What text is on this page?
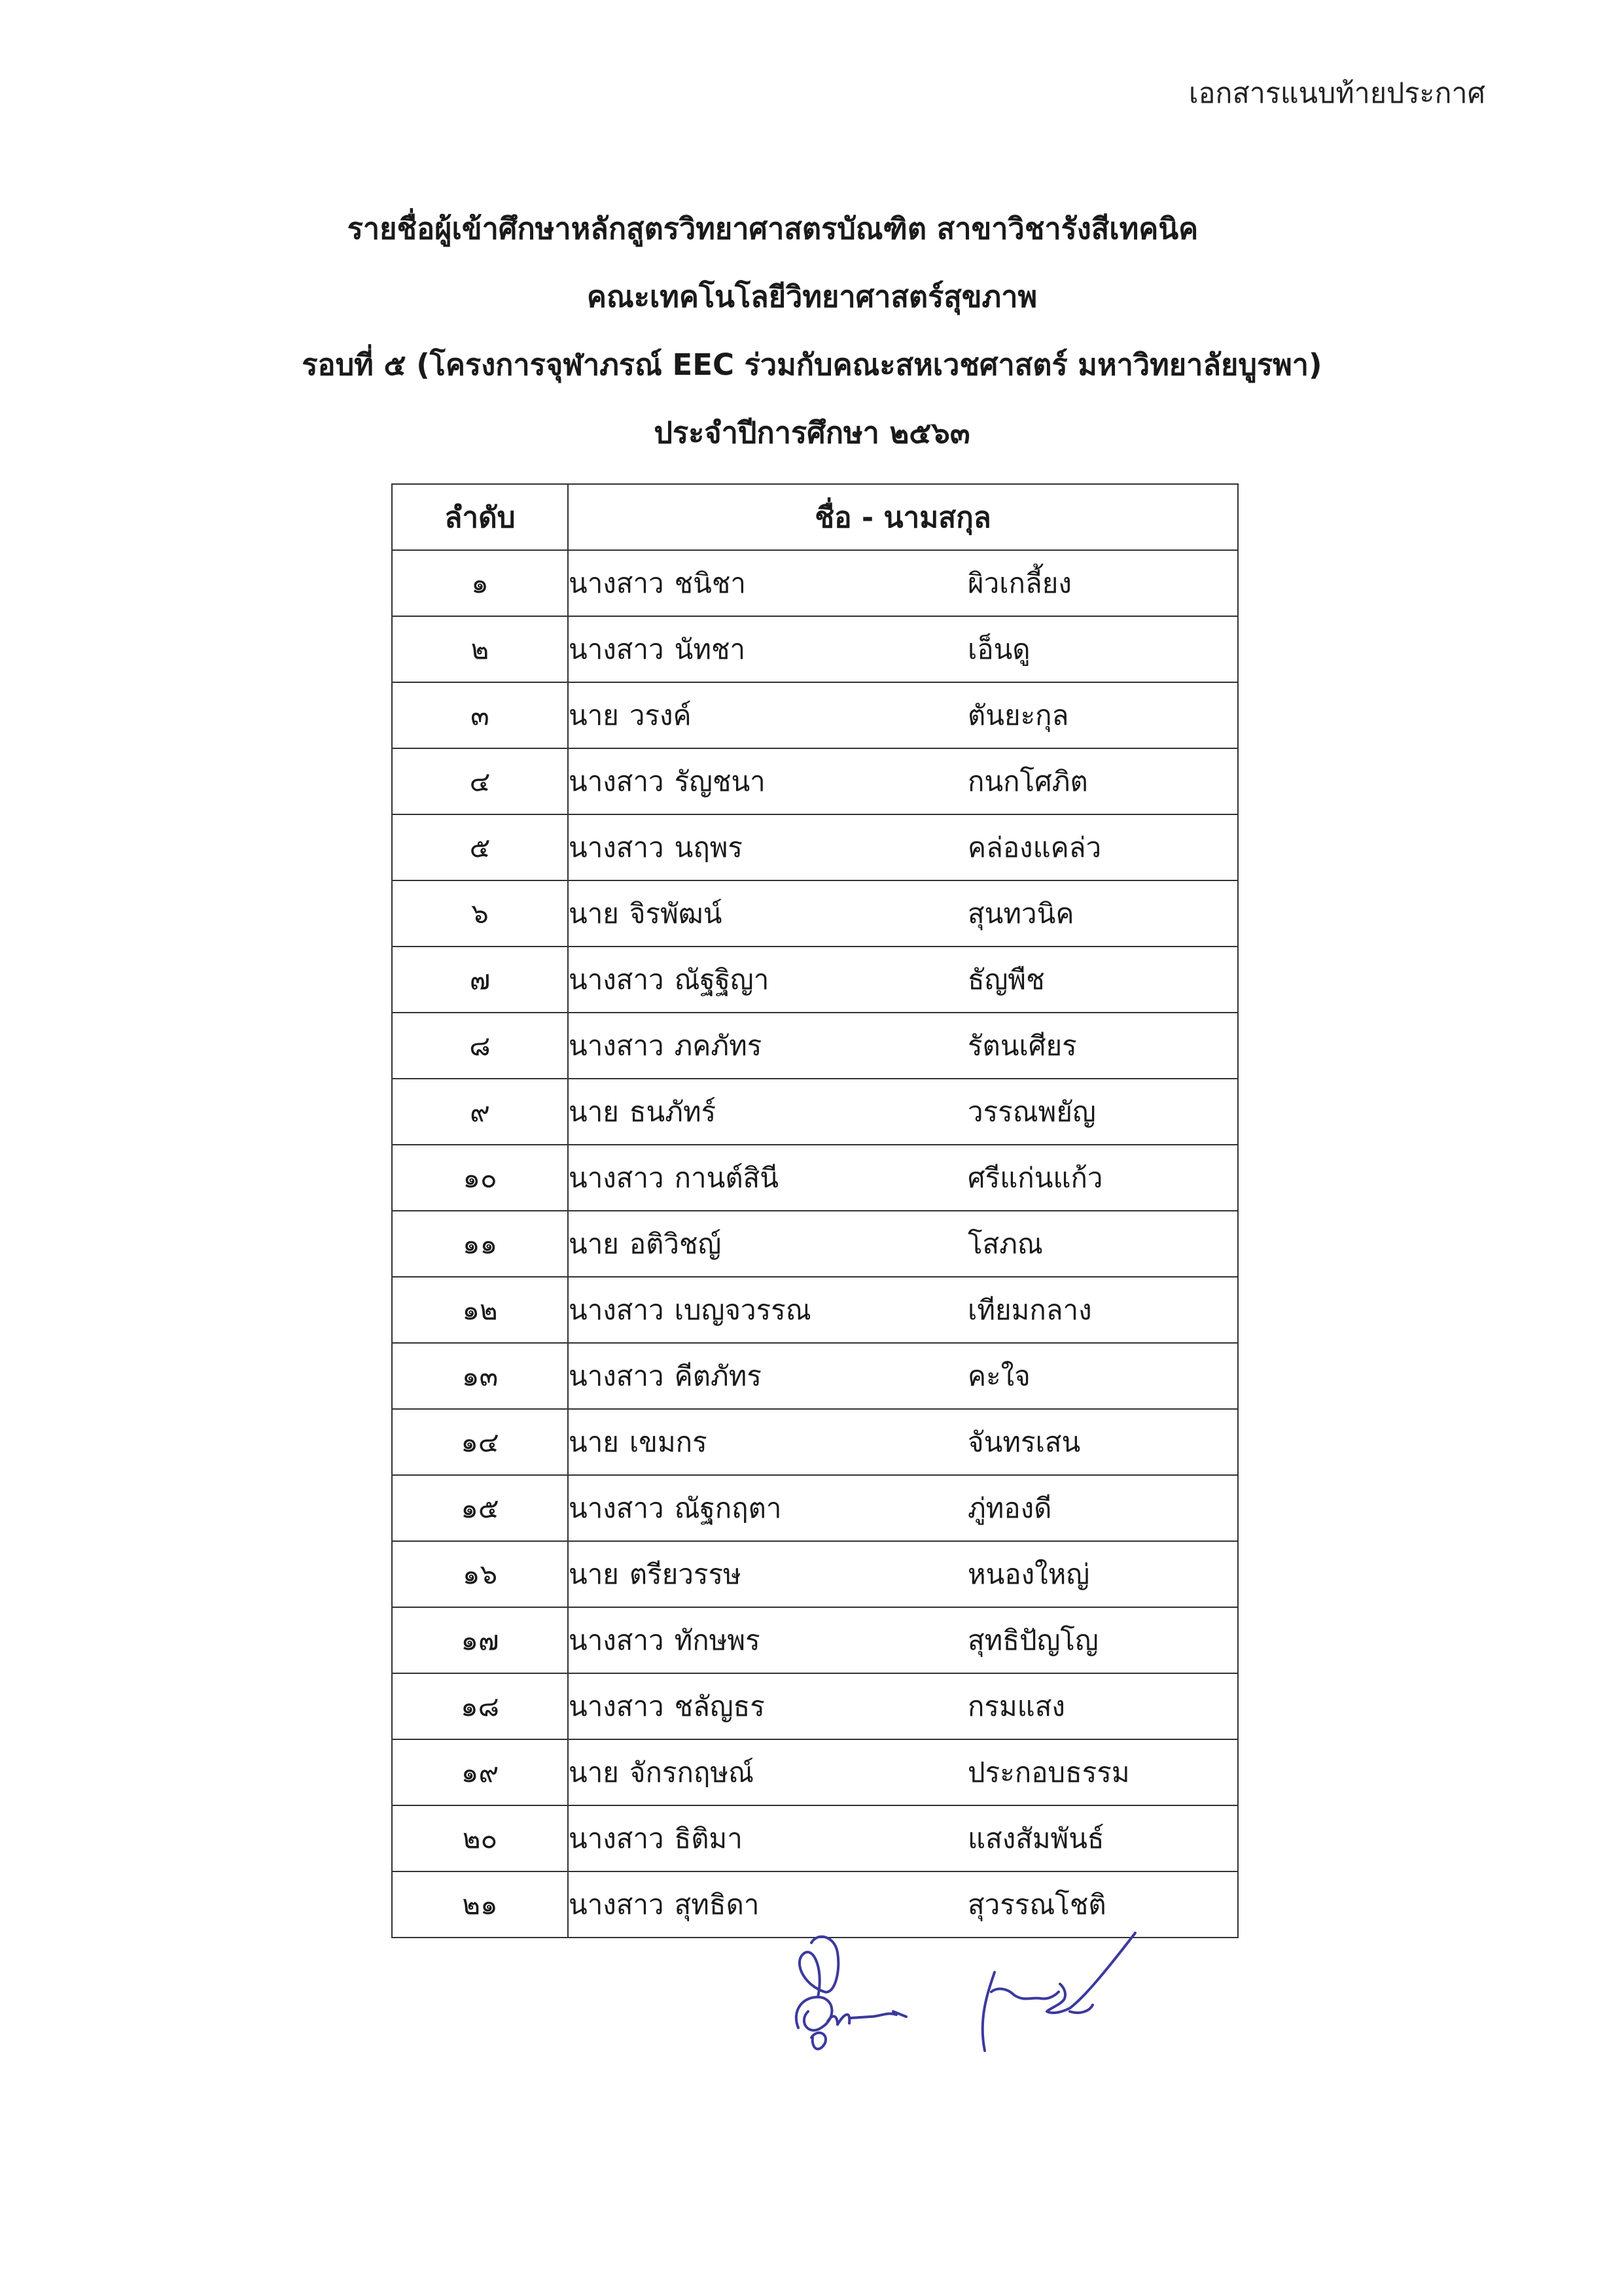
เอกสารแนบท้ายประกาศ
รายชื่อผู้เข้าศึกษาหลักสูตรวิทยาศาสตรบัณฑิต สาขาวิชารังสีเทคนิค
คณะเทคโนโลยีวิทยาศาสตร์สุขภาพ
รอบที่ ๕ (โครงการจุฬาภรณ์ EEC ร่วมกับคณะสหเวชศาสตร์ มหาวิทยาลัยบูรพา)
ประจำปีการศึกษา ๒๕๖๓
ลำดับ	ชื่อ - นามสกุล
๑	นางสาว ชนิชา ผิวเกลี้ยง

๒	นางสาว นัทชา เอ็นดู

๓	นาย วรงค์ ตันยะกุล

๔	นางสาว รัญชนา กนกโศภิต

๕	นางสาว นฤพร คล่องแคล่ว

๖	นาย จิรพัฒน์ สุนทวนิค

๗	นางสาว ณัฐฐิญา ธัญพืช

๘	นางสาว ภคภัทร รัตนเศียร

๙	นาย ธนภัทร์ วรรณพยัญ

๑๐	นางสาว กานต์สินี ศรีแก่นแก้ว

๑๑	นาย อติวิชญ์ โสภณ

๑๒	นางสาว เบญจวรรณ เทียมกลาง

๑๓	นางสาว คีตภัทร คะใจ

๑๔	นาย เขมกร จันทรเสน

๑๕	นางสาว ณัฐกฤตา ภู่ทองดี

๑๖	นาย ตรียวรรษ หนองใหญ่

๑๗	นางสาว ทักษพร สุทธิปัญโญ

๑๘	นางสาว ชลัญธร กรมแสง

๑๙	นาย จักรกฤษณ์ ประกอบธรรม

๒๐	นางสาว ธิติมา แสงสัมพันธ์

๒๑	นางสาว สุทธิดา สุวรรณโชติ
